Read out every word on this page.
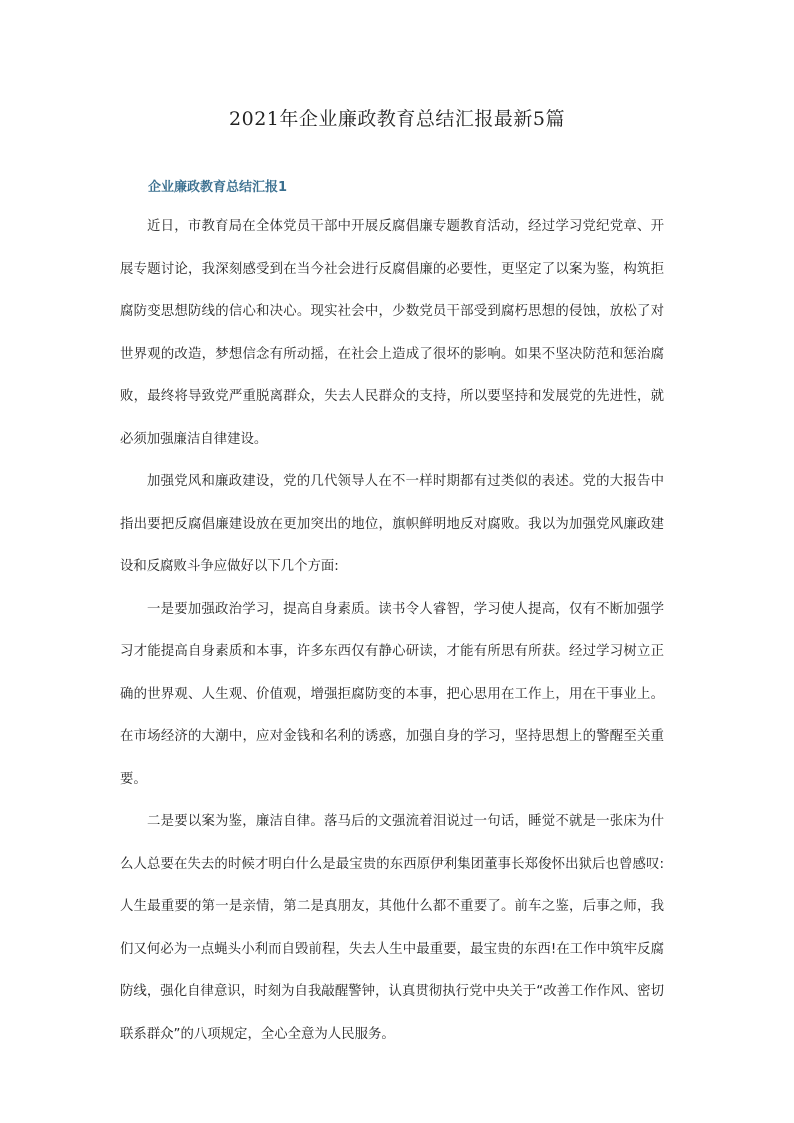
2021年企业廉政教育总结汇报最新5篇
企业廉政教育总结汇报1

近日，市教育局在全体党员干部中开展反腐倡廉专题教育活动，经过学习党纪党章、开展专题讨论，我深刻感受到在当今社会进行反腐倡廉的必要性，更坚定了以案为鉴，构筑拒腐防变思想防线的信心和决心。现实社会中，少数党员干部受到腐朽思想的侵蚀，放松了对世界观的改造，梦想信念有所动摇，在社会上造成了很坏的影响。如果不坚决防范和惩治腐败，最终将导致党严重脱离群众，失去人民群众的支持，所以要坚持和发展党的先进性，就必须加强廉洁自律建设。

加强党风和廉政建设，党的几代领导人在不一样时期都有过类似的表述。党的大报告中指出要把反腐倡廉建设放在更加突出的地位，旗帜鲜明地反对腐败。我以为加强党风廉政建设和反腐败斗争应做好以下几个方面:

一是要加强政治学习，提高自身素质。读书令人睿智，学习使人提高，仅有不断加强学习才能提高自身素质和本事，许多东西仅有静心研读，才能有所思有所获。经过学习树立正确的世界观、人生观、价值观，增强拒腐防变的本事，把心思用在工作上，用在干事业上。在市场经济的大潮中，应对金钱和名利的诱惑，加强自身的学习，坚持思想上的警醒至关重要。

二是要以案为鉴，廉洁自律。落马后的文强流着泪说过一句话，睡觉不就是一张床为什么人总要在失去的时候才明白什么是最宝贵的东西原伊利集团董事长郑俊怀出狱后也曾感叹:人生最重要的第一是亲情，第二是真朋友，其他什么都不重要了。前车之鉴，后事之师，我们又何必为一点蝇头小利而自毁前程，失去人生中最重要，最宝贵的东西!在工作中筑牢反腐防线，强化自律意识，时刻为自我敲醒警钟，认真贯彻执行党中央关于“改善工作作风、密切联系群众”的八项规定，全心全意为人民服务。
